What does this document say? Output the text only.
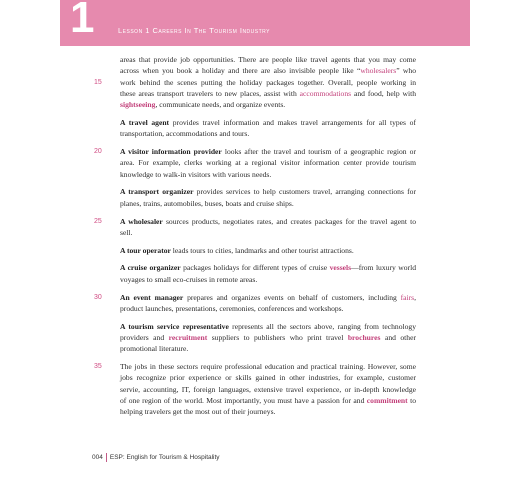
1	Lesson 1 Careers In The Tourism Industry
areas that provide job opportunities. There are people like travel agents that you may come
across when you book a holiday and there are also invisible people like “wholesalers” who
15	work behind the scenes putting the holiday packages together. Overall, people working in
these areas transport travelers to new places, assist with accommodations and food, help with
sightseeing, communicate needs, and organize events.
A travel agent provides travel information and makes travel arrangements for all types of
transportation, accommodations and tours.
20	A visitor information provider looks after the travel and tourism of a geographic region or
area. For example, clerks working at a regional visitor information center provide tourism
knowledge to walk-in visitors with various needs.
A transport organizer provides services to help customers travel, arranging connections for
planes, trains, automobiles, buses, boats and cruise ships.
25	A wholesaler sources products, negotiates rates, and creates packages for the travel agent to
sell.
A tour operator leads tours to cities, landmarks and other tourist attractions.
A cruise organizer packages holidays for different types of cruise vessels—from luxury world
voyages to small eco-cruises in remote areas.
30	An event manager prepares and organizes events on behalf of customers, including fairs,
product launches, presentations, ceremonies, conferences and workshops.
A tourism service representative represents all the sectors above, ranging from technology
providers and recruitment suppliers to publishers who print travel brochures and other
promotional literature.
35	The jobs in these sectors require professional education and practical training. However, some
jobs recognize prior experience or skills gained in other industries, for example, customer
servie, accounting, IT, foreign languages, extensive travel experience, or in-depth knowledge
of one region of the world. Most importantly, you must have a passion for and commitment to
helping travelers get the most out of their journeys.
004 ESP: English for Tourism & Hospitality
